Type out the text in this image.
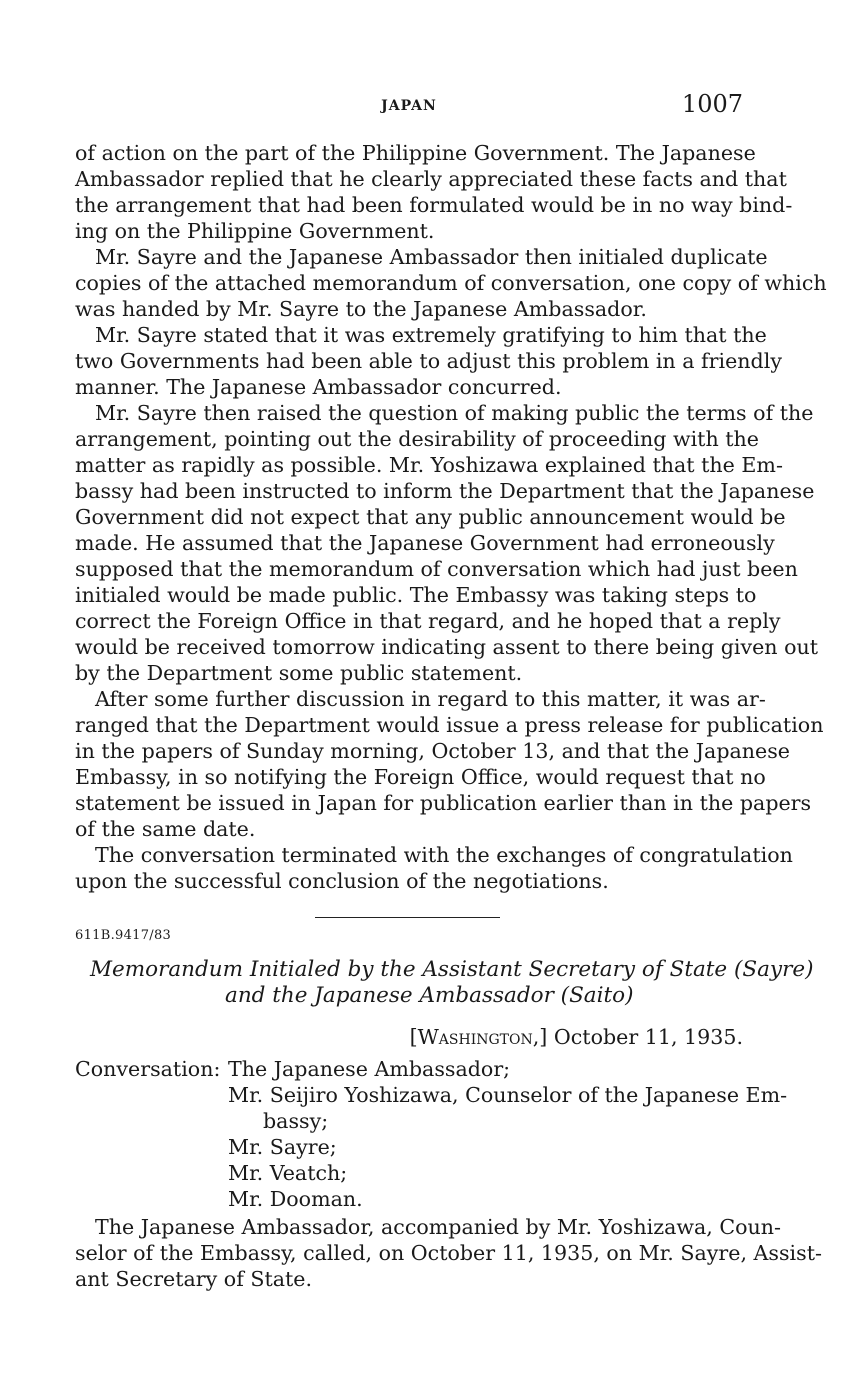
JAPAN	1007
of action on the part of the Philippine Government. The Japanese
Ambassador replied that he clearly appreciated these facts and that
the arrangement that had been formulated would be in no way bind-
ing on the Philippine Government.
Mr. Sayre and the Japanese Ambassador then initialed duplicate
copies of the attached memorandum of conversation, one copy of which
was handed by Mr. Sayre to the Japanese Ambassador.
Mr. Sayre stated that it was extremely gratifying to him that the
two Governments had been able to adjust this problem in a friendly
manner. The Japanese Ambassador concurred.
Mr. Sayre then raised the question of making public the terms of the
arrangement, pointing out the desirability of proceeding with the
matter as rapidly as possible. Mr. Yoshizawa explained that the Em-
bassy had been instructed to inform the Department that the Japanese
Government did not expect that any public announcement would be
made. He assumed that the Japanese Government had erroneously
supposed that the memorandum of conversation which had just been
initialed would be made public. The Embassy was taking steps to
correct the Foreign Office in that regard, and he hoped that a reply
would be received tomorrow indicating assent to there being given out
by the Department some public statement.
After some further discussion in regard to this matter, it was ar-
ranged that the Department would issue a press release for publication
in the papers of Sunday morning, October 13, and that the Japanese
Embassy, in so notifying the Foreign Office, would request that no
statement be issued in Japan for publication earlier than in the papers
of the same date.
The conversation terminated with the exchanges of congratulation
upon the successful conclusion of the negotiations.
611B.9417/83
Memorandum Initialed by the Assistant Secretary of State (Sayre)
and the Japanese Ambassador (Saito)
[Washington,] October 11, 1935.
Conversation: The Japanese Ambassador;
Mr. Seijiro Yoshizawa, Counselor of the Japanese Em-
bassy;
Mr. Sayre;
Mr. Veatch;
Mr. Dooman.
The Japanese Ambassador, accompanied by Mr. Yoshizawa, Coun-
selor of the Embassy, called, on October 11, 1935, on Mr. Sayre, Assist-
ant Secretary of State.
